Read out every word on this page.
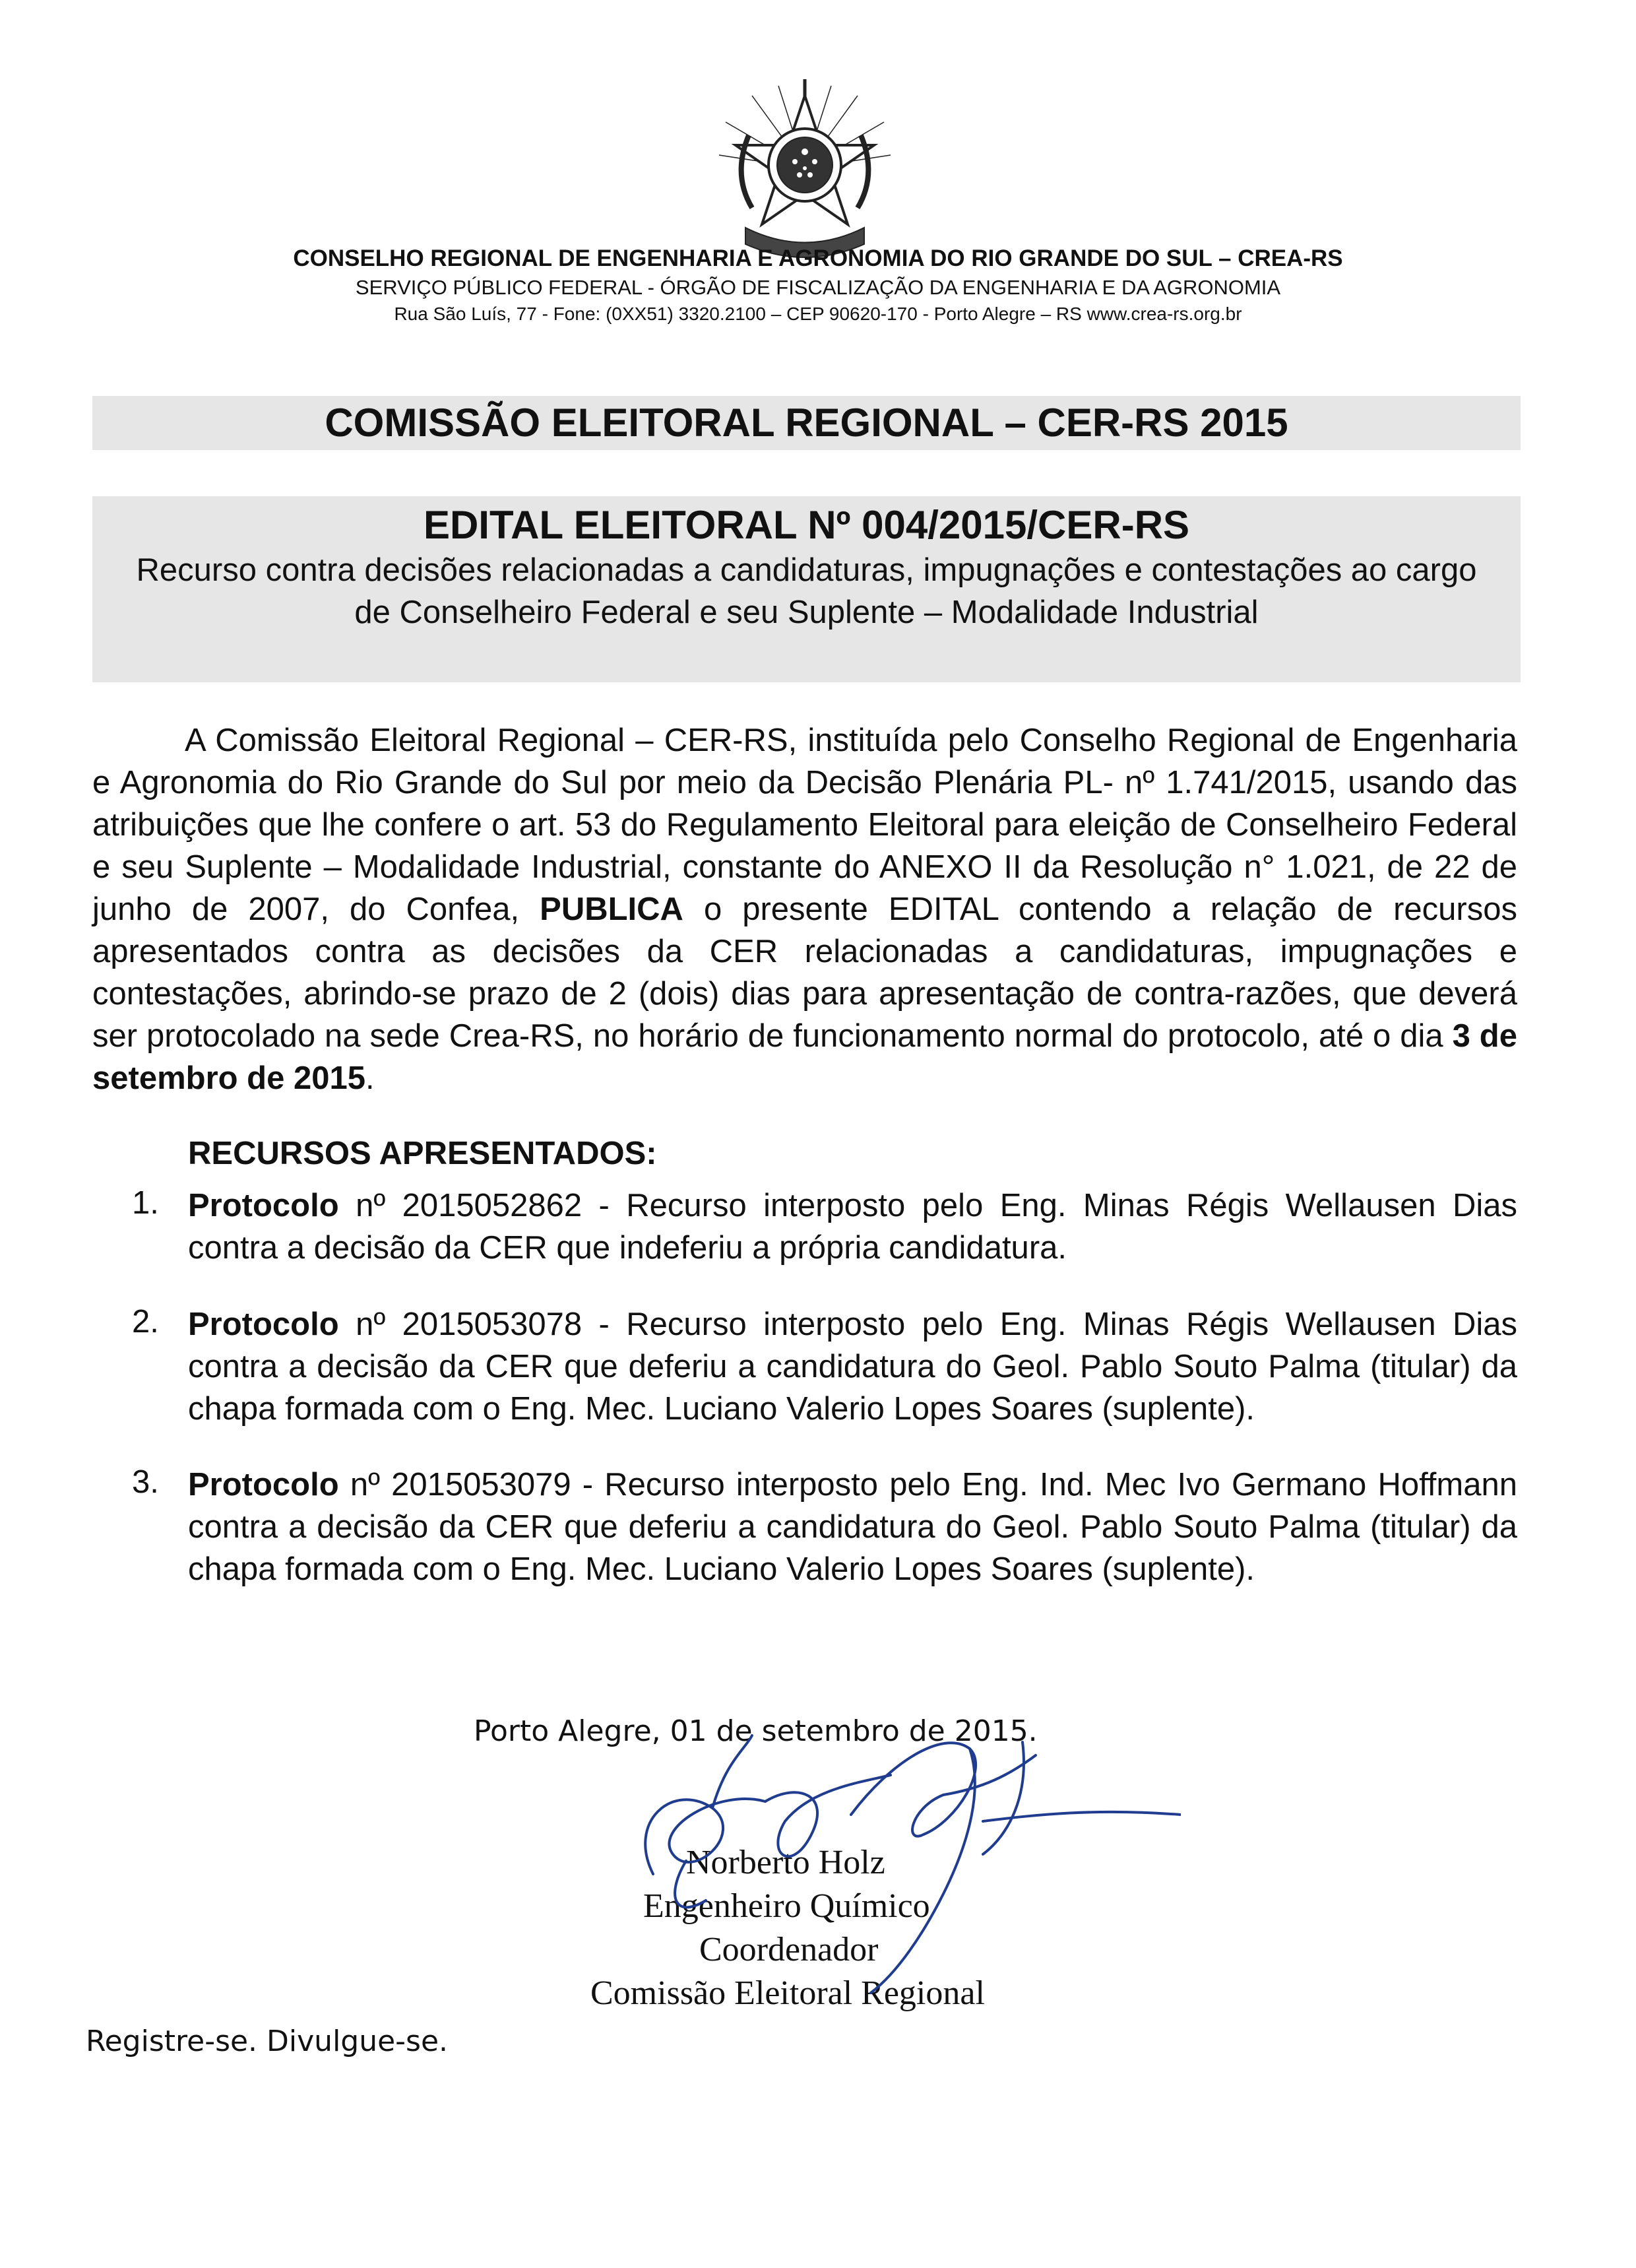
CONSELHO REGIONAL DE ENGENHARIA E AGRONOMIA DO RIO GRANDE DO SUL – CREA-RS
SERVIÇO PÚBLICO FEDERAL - ÓRGÃO DE FISCALIZAÇÃO DA ENGENHARIA E DA AGRONOMIA
Rua São Luís, 77 - Fone: (0XX51) 3320.2100 – CEP 90620-170 - Porto Alegre – RS www.crea-rs.org.br
COMISSÃO ELEITORAL REGIONAL – CER-RS 2015
EDITAL ELEITORAL Nº 004/2015/CER-RS
Recurso contra decisões relacionadas a candidaturas, impugnações e contestações ao cargo de Conselheiro Federal e seu Suplente – Modalidade Industrial

A Comissão Eleitoral Regional – CER-RS, instituída pelo Conselho Regional de Engenharia e Agronomia do Rio Grande do Sul por meio da Decisão Plenária PL- nº 1.741/2015, usando das atribuições que lhe confere o art. 53 do Regulamento Eleitoral para eleição de Conselheiro Federal e seu Suplente – Modalidade Industrial, constante do ANEXO II da Resolução n° 1.021, de 22 de junho de 2007, do Confea, PUBLICA o presente EDITAL contendo a relação de recursos apresentados contra as decisões da CER relacionadas a candidaturas, impugnações e contestações, abrindo-se prazo de 2 (dois) dias para apresentação de contra-razões, que deverá ser protocolado na sede Crea-RS, no horário de funcionamento normal do protocolo, até o dia 3 de setembro de 2015.

RECURSOS APRESENTADOS:
1. Protocolo nº 2015052862 - Recurso interposto pelo Eng. Minas Régis Wellausen Dias contra a decisão da CER que indeferiu a própria candidatura.
2. Protocolo nº 2015053078 - Recurso interposto pelo Eng. Minas Régis Wellausen Dias contra a decisão da CER que deferiu a candidatura do Geol. Pablo Souto Palma (titular) da chapa formada com o Eng. Mec. Luciano Valerio Lopes Soares (suplente).
3. Protocolo nº 2015053079 - Recurso interposto pelo Eng. Ind. Mec Ivo Germano Hoffmann contra a decisão da CER que deferiu a candidatura do Geol. Pablo Souto Palma (titular) da chapa formada com o Eng. Mec. Luciano Valerio Lopes Soares (suplente).
Porto Alegre, 01 de setembro de 2015.
Norberto Holz
Engenheiro Químico
Coordenador
Comissão Eleitoral Regional
Registre-se. Divulgue-se.
